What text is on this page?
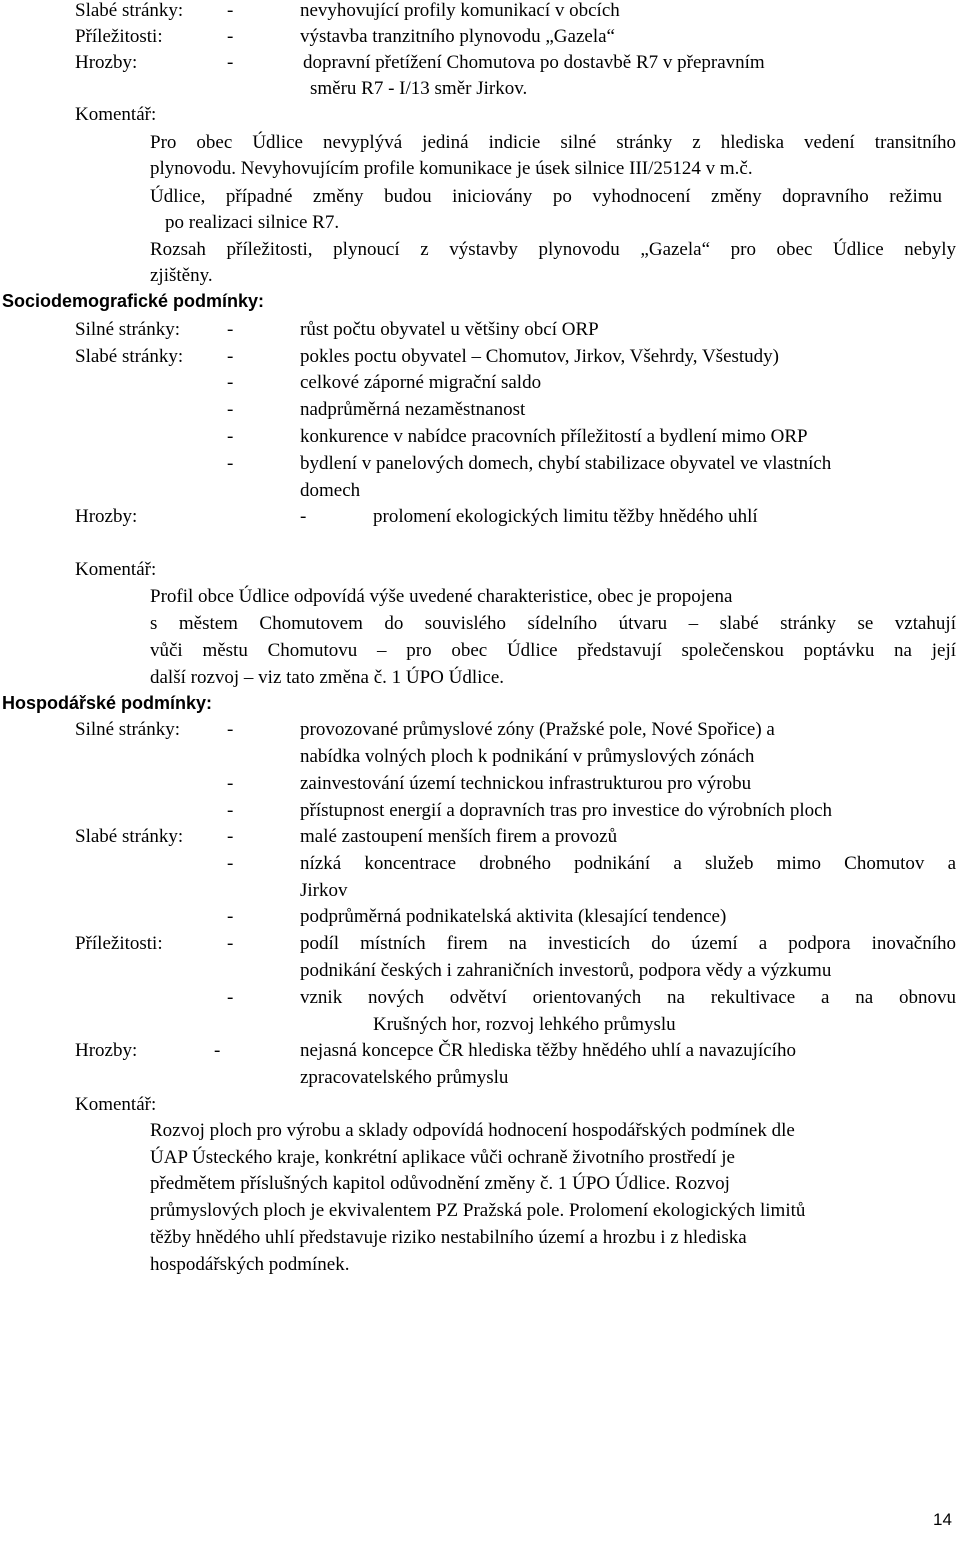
Slabé stránky: -	nevyhovující profily komunikací v obcích
Příležitosti:	-	výstavba tranzitního plynovodu „Gazela“
Hrozby:	-	dopravní přetížení Chomutova po dostavbě R7 v přepravním
směru R7 - I/13 směr Jirkov.
Komentář:
Pro obec Údlice nevyplývá jediná indicie silné stránky z hlediska vedení transitního
plynovodu. Nevyhovujícím profile komunikace je úsek silnice III/25124 v m.č.
Údlice, případné změny budou iniciovány po vyhodnocení změny dopravního režimu
po realizaci silnice R7.
Rozsah příležitosti, plynoucí z výstavby plynovodu „Gazela“ pro obec Údlice nebyly
zjištěny.
Sociodemografické podmínky:
Silné stránky: -	růst počtu obyvatel u většiny obcí ORP
Slabé stránky: -	pokles poctu obyvatel – Chomutov, Jirkov, Všehrdy, Všestudy)
-	celkové záporné migrační saldo
-	nadprůměrná nezaměstnanost
-	konkurence v nabídce pracovních příležitostí a bydlení mimo ORP
-	bydlení v panelových domech, chybí stabilizace obyvatel ve vlastních
domech
Hrozby:	-	prolomení ekologických limitu těžby hnědého uhlí
Komentář:
Profil obce Údlice odpovídá výše uvedené charakteristice, obec je propojena
s městem Chomutovem do souvislého sídelního útvaru – slabé stránky se vztahují
vůči městu Chomutovu – pro obec Údlice představují společenskou poptávku na její
další rozvoj – viz tato změna č. 1 ÚPO Údlice.
Hospodářské podmínky:
Silné stránky: -	provozované průmyslové zóny (Pražské pole, Nové Spořice) a
nabídka volných ploch k podnikání v průmyslových zónách
-	zainvestování území technickou infrastrukturou pro výrobu
-	přístupnost energií a dopravních tras pro investice do výrobních ploch
Slabé stránky: -	malé zastoupení menších firem a provozů
-	nízká koncentrace drobného podnikání a služeb mimo Chomutov a
Jirkov
-	podprůměrná podnikatelská aktivita (klesající tendence)
Příležitosti:	-	podíl místních firem na investicích do území a podpora inovačního
podnikání českých i zahraničních investorů, podpora vědy a výzkumu
-	vznik nových odvětví orientovaných na rekultivace a na obnovu
Krušných hor, rozvoj lehkého průmyslu
Hrozby:	-	nejasná koncepce ČR hlediska těžby hnědého uhlí a navazujícího
zpracovatelského průmyslu
Komentář:
Rozvoj ploch pro výrobu a sklady odpovídá hodnocení hospodářských podmínek dle
ÚAP Ústeckého kraje, konkrétní aplikace vůči ochraně životního prostředí je
předmětem příslušných kapitol odůvodnění změny č. 1 ÚPO Údlice. Rozvoj
průmyslových ploch je ekvivalentem PZ Pražská pole. Prolomení ekologických limitů
těžby hnědého uhlí představuje riziko nestabilního území a hrozbu i z hlediska
hospodářských podmínek.
14
